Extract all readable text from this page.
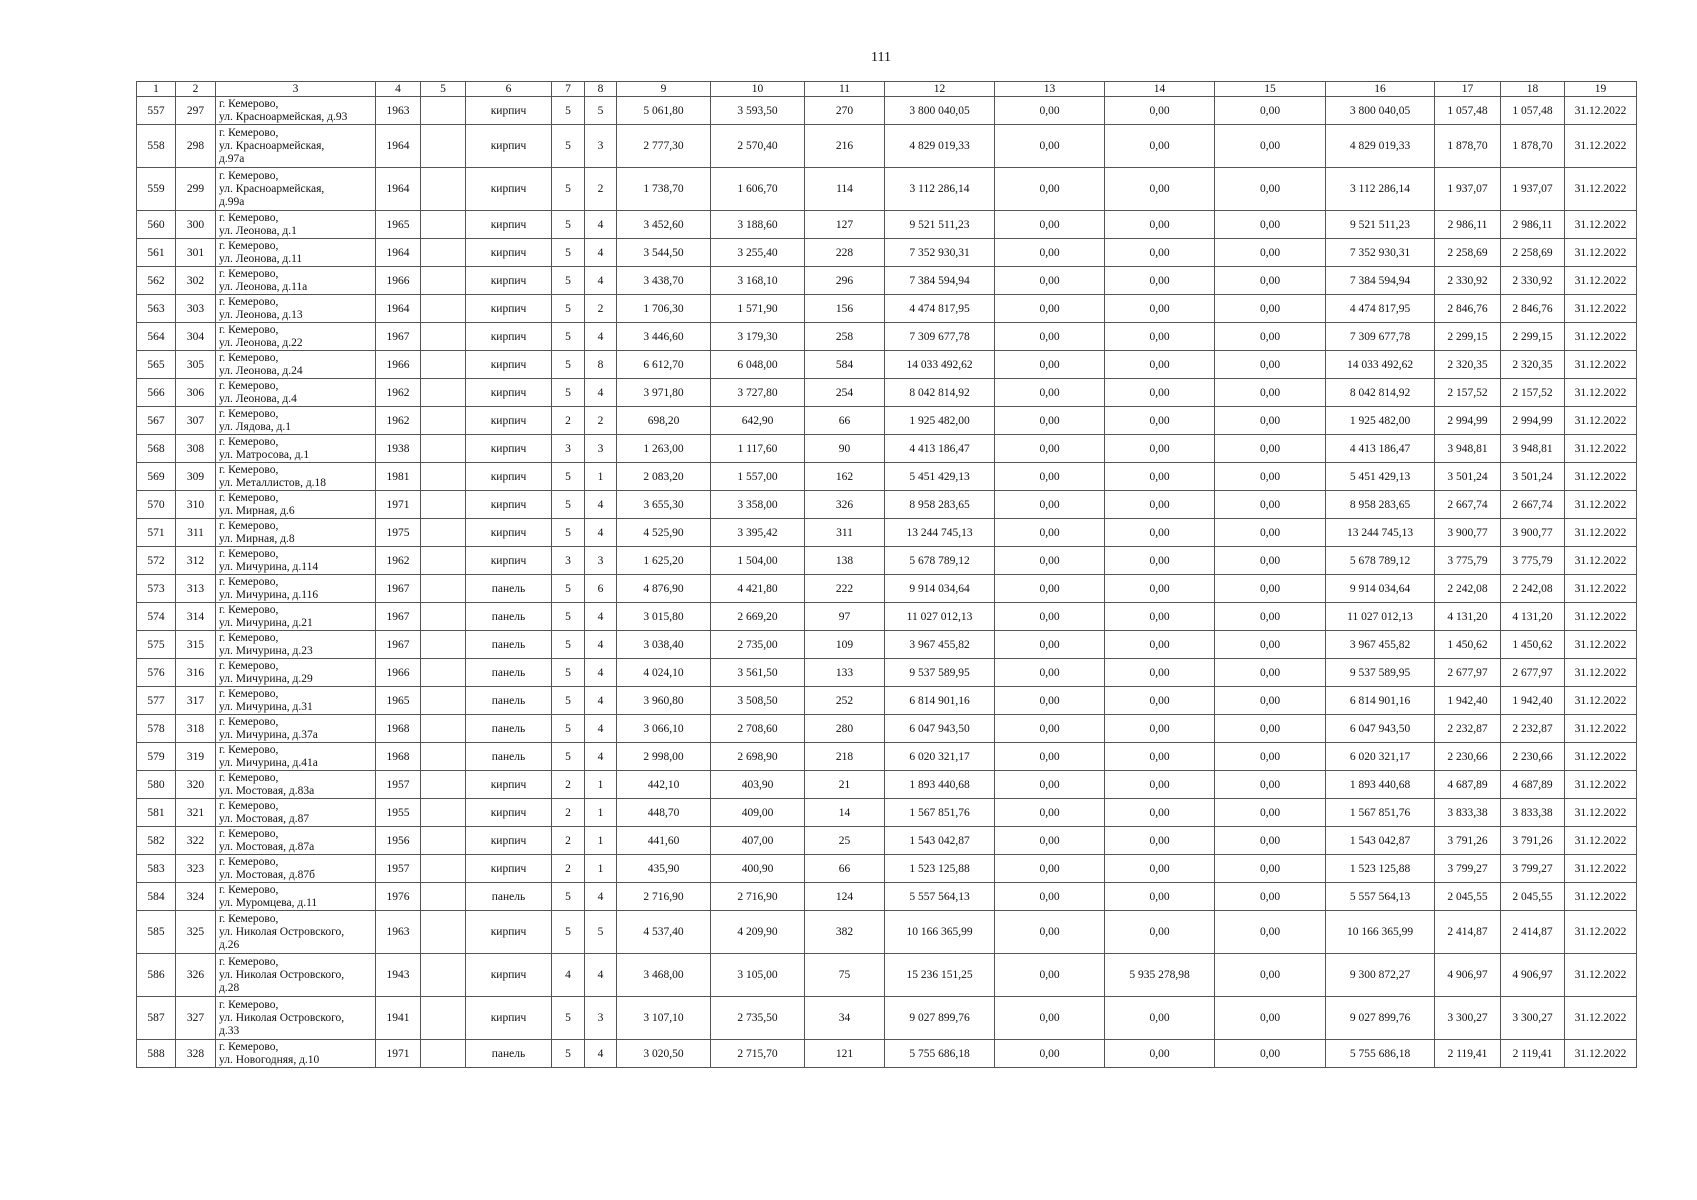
111
1	2	3	4	5	6	7	8	9	10	11	12	13	14	15	16	17	18	19
557	297	г. Кемерово,
ул. Красноармейская, д.93	1963		кирпич	5	5	5 061,80	3 593,50	270	3 800 040,05	0,00	0,00	0,00	3 800 040,05	1 057,48	1 057,48	31.12.2022
558	298	г. Кемерово,
ул. Красноармейская,
д.97а	1964		кирпич	5	3	2 777,30	2 570,40	216	4 829 019,33	0,00	0,00	0,00	4 829 019,33	1 878,70	1 878,70	31.12.2022
559	299	г. Кемерово,
ул. Красноармейская,
д.99а	1964		кирпич	5	2	1 738,70	1 606,70	114	3 112 286,14	0,00	0,00	0,00	3 112 286,14	1 937,07	1 937,07	31.12.2022
560	300	г. Кемерово,
ул. Леонова, д.1	1965		кирпич	5	4	3 452,60	3 188,60	127	9 521 511,23	0,00	0,00	0,00	9 521 511,23	2 986,11	2 986,11	31.12.2022
561	301	г. Кемерово,
ул. Леонова, д.11	1964		кирпич	5	4	3 544,50	3 255,40	228	7 352 930,31	0,00	0,00	0,00	7 352 930,31	2 258,69	2 258,69	31.12.2022
562	302	г. Кемерово,
ул. Леонова, д.11а	1966		кирпич	5	4	3 438,70	3 168,10	296	7 384 594,94	0,00	0,00	0,00	7 384 594,94	2 330,92	2 330,92	31.12.2022
563	303	г. Кемерово,
ул. Леонова, д.13	1964		кирпич	5	2	1 706,30	1 571,90	156	4 474 817,95	0,00	0,00	0,00	4 474 817,95	2 846,76	2 846,76	31.12.2022
564	304	г. Кемерово,
ул. Леонова, д.22	1967		кирпич	5	4	3 446,60	3 179,30	258	7 309 677,78	0,00	0,00	0,00	7 309 677,78	2 299,15	2 299,15	31.12.2022
565	305	г. Кемерово,
ул. Леонова, д.24	1966		кирпич	5	8	6 612,70	6 048,00	584	14 033 492,62	0,00	0,00	0,00	14 033 492,62	2 320,35	2 320,35	31.12.2022
566	306	г. Кемерово,
ул. Леонова, д.4	1962		кирпич	5	4	3 971,80	3 727,80	254	8 042 814,92	0,00	0,00	0,00	8 042 814,92	2 157,52	2 157,52	31.12.2022
567	307	г. Кемерово,
ул. Лядова, д.1	1962		кирпич	2	2	698,20	642,90	66	1 925 482,00	0,00	0,00	0,00	1 925 482,00	2 994,99	2 994,99	31.12.2022
568	308	г. Кемерово,
ул. Матросова, д.1	1938		кирпич	3	3	1 263,00	1 117,60	90	4 413 186,47	0,00	0,00	0,00	4 413 186,47	3 948,81	3 948,81	31.12.2022
569	309	г. Кемерово,
ул. Металлистов, д.18	1981		кирпич	5	1	2 083,20	1 557,00	162	5 451 429,13	0,00	0,00	0,00	5 451 429,13	3 501,24	3 501,24	31.12.2022
570	310	г. Кемерово,
ул. Мирная, д.6	1971		кирпич	5	4	3 655,30	3 358,00	326	8 958 283,65	0,00	0,00	0,00	8 958 283,65	2 667,74	2 667,74	31.12.2022
571	311	г. Кемерово,
ул. Мирная, д.8	1975		кирпич	5	4	4 525,90	3 395,42	311	13 244 745,13	0,00	0,00	0,00	13 244 745,13	3 900,77	3 900,77	31.12.2022
572	312	г. Кемерово,
ул. Мичурина, д.114	1962		кирпич	3	3	1 625,20	1 504,00	138	5 678 789,12	0,00	0,00	0,00	5 678 789,12	3 775,79	3 775,79	31.12.2022
573	313	г. Кемерово,
ул. Мичурина, д.116	1967		панель	5	6	4 876,90	4 421,80	222	9 914 034,64	0,00	0,00	0,00	9 914 034,64	2 242,08	2 242,08	31.12.2022
574	314	г. Кемерово,
ул. Мичурина, д.21	1967		панель	5	4	3 015,80	2 669,20	97	11 027 012,13	0,00	0,00	0,00	11 027 012,13	4 131,20	4 131,20	31.12.2022
575	315	г. Кемерово,
ул. Мичурина, д.23	1967		панель	5	4	3 038,40	2 735,00	109	3 967 455,82	0,00	0,00	0,00	3 967 455,82	1 450,62	1 450,62	31.12.2022
576	316	г. Кемерово,
ул. Мичурина, д.29	1966		панель	5	4	4 024,10	3 561,50	133	9 537 589,95	0,00	0,00	0,00	9 537 589,95	2 677,97	2 677,97	31.12.2022
577	317	г. Кемерово,
ул. Мичурина, д.31	1965		панель	5	4	3 960,80	3 508,50	252	6 814 901,16	0,00	0,00	0,00	6 814 901,16	1 942,40	1 942,40	31.12.2022
578	318	г. Кемерово,
ул. Мичурина, д.37а	1968		панель	5	4	3 066,10	2 708,60	280	6 047 943,50	0,00	0,00	0,00	6 047 943,50	2 232,87	2 232,87	31.12.2022
579	319	г. Кемерово,
ул. Мичурина, д.41а	1968		панель	5	4	2 998,00	2 698,90	218	6 020 321,17	0,00	0,00	0,00	6 020 321,17	2 230,66	2 230,66	31.12.2022
580	320	г. Кемерово,
ул. Мостовая, д.83а	1957		кирпич	2	1	442,10	403,90	21	1 893 440,68	0,00	0,00	0,00	1 893 440,68	4 687,89	4 687,89	31.12.2022
581	321	г. Кемерово,
ул. Мостовая, д.87	1955		кирпич	2	1	448,70	409,00	14	1 567 851,76	0,00	0,00	0,00	1 567 851,76	3 833,38	3 833,38	31.12.2022
582	322	г. Кемерово,
ул. Мостовая, д.87а	1956		кирпич	2	1	441,60	407,00	25	1 543 042,87	0,00	0,00	0,00	1 543 042,87	3 791,26	3 791,26	31.12.2022
583	323	г. Кемерово,
ул. Мостовая, д.87б	1957		кирпич	2	1	435,90	400,90	66	1 523 125,88	0,00	0,00	0,00	1 523 125,88	3 799,27	3 799,27	31.12.2022
584	324	г. Кемерово,
ул. Муромцева, д.11	1976		панель	5	4	2 716,90	2 716,90	124	5 557 564,13	0,00	0,00	0,00	5 557 564,13	2 045,55	2 045,55	31.12.2022
585	325	г. Кемерово,
ул. Николая Островского,
д.26	1963		кирпич	5	5	4 537,40	4 209,90	382	10 166 365,99	0,00	0,00	0,00	10 166 365,99	2 414,87	2 414,87	31.12.2022
586	326	г. Кемерово,
ул. Николая Островского,
д.28	1943		кирпич	4	4	3 468,00	3 105,00	75	15 236 151,25	0,00	5 935 278,98	0,00	9 300 872,27	4 906,97	4 906,97	31.12.2022
587	327	г. Кемерово,
ул. Николая Островского,
д.33	1941		кирпич	5	3	3 107,10	2 735,50	34	9 027 899,76	0,00	0,00	0,00	9 027 899,76	3 300,27	3 300,27	31.12.2022
588	328	г. Кемерово,
ул. Новогодняя, д.10	1971		панель	5	4	3 020,50	2 715,70	121	5 755 686,18	0,00	0,00	0,00	5 755 686,18	2 119,41	2 119,41	31.12.2022
